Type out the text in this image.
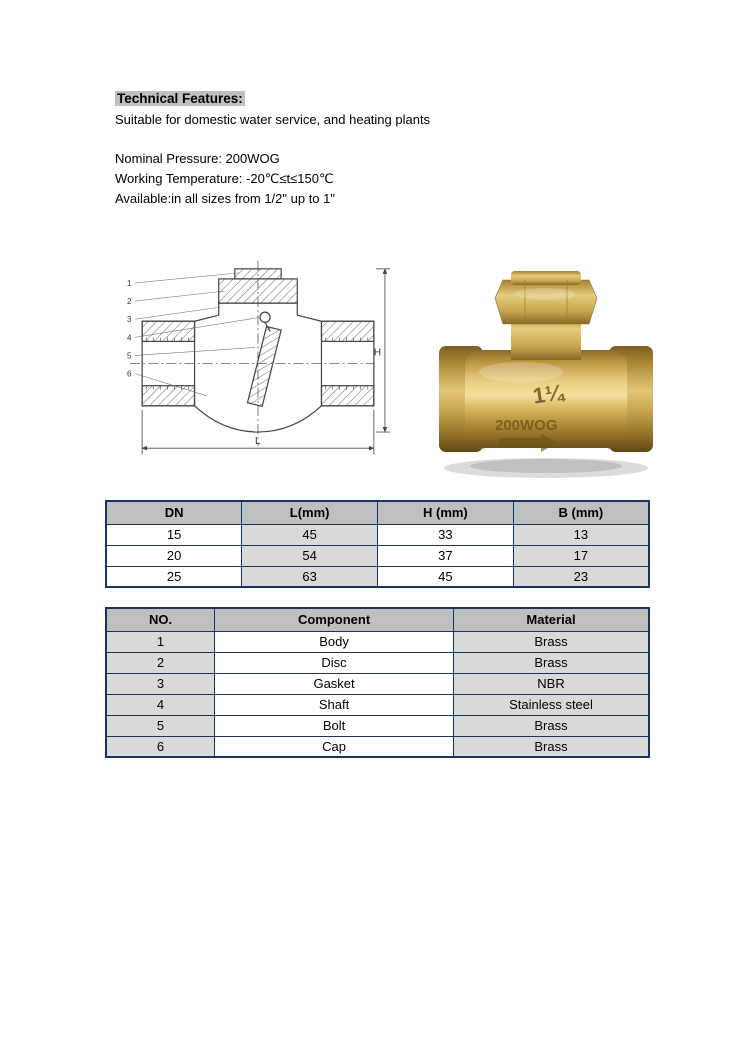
Technical Features:
Suitable for domestic water service, and heating plants
Nominal Pressure: 200WOG
Working Temperature: -20℃≤t≤150℃
Available:in all sizes from 1/2" up to 1"
L
H
1
2
3
4
5
6
1¼
200WOG
DN	L(mm)	H (mm)	B (mm)
15	45	33	13
20	54	37	17
25	63	45	23
NO.	Component	Material
1	Body	Brass
2	Disc	Brass
3	Gasket	NBR
4	Shaft	Stainless steel
5	Bolt	Brass
6	Cap	Brass
